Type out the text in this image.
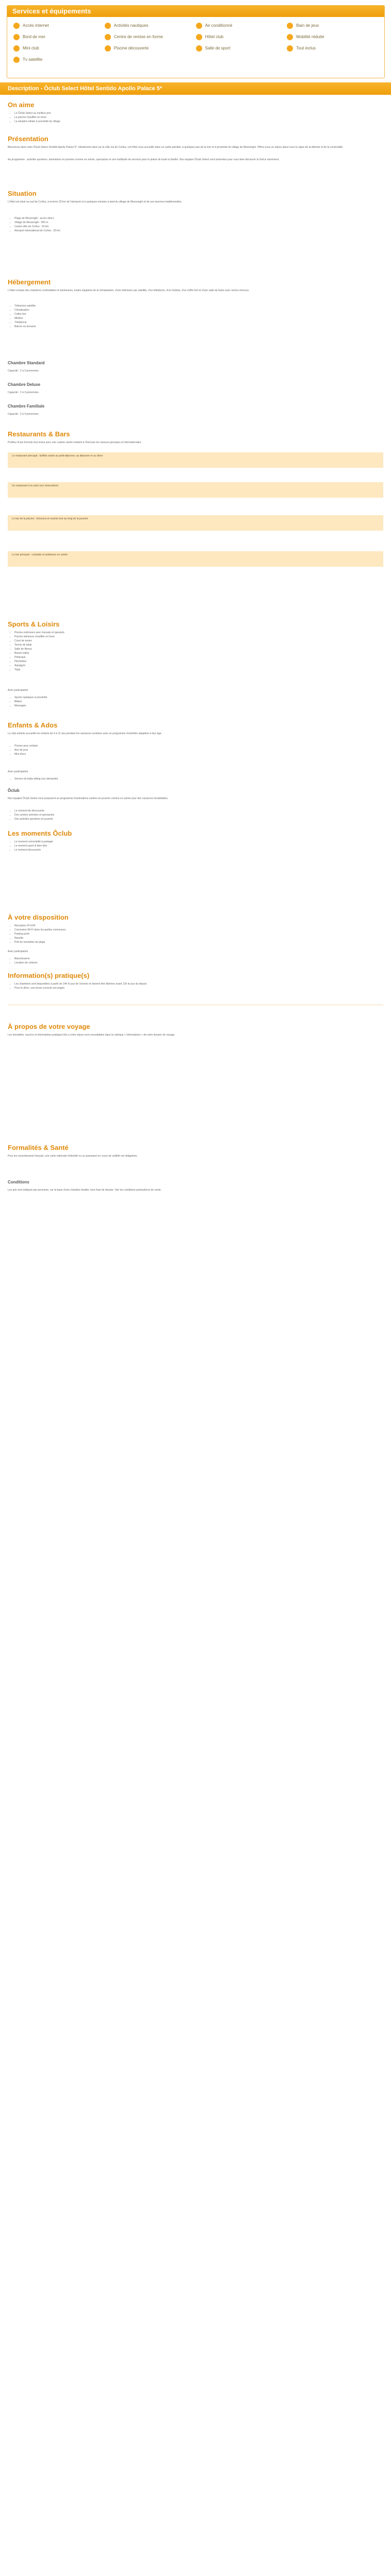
Services et équipements
Accès internet	Activités nautiques	Air conditionné	Bain de jeux
Bord de mer	Centre de remise en forme	Hôtel club	Mobilité réduite
Mini club	Piscine découverte	Salle de sport	Tout inclus
Tv satellite
Description - Ôclub Select Hôtel Sentido Apollo Palace 5*
On aime
• Le Ôclub Select au meilleur prix
• La piscine chauffée en hiver
• La situation idéale à proximité du village
Présentation

Bienvenue dans votre Ôclub Select Sentido Apollo Palace 5*. Idéalement situé sur la côte est de Corfou, cet hôtel vous accueille dans un cadre paisible, à quelques pas de la mer et à proximité du village de Messonghi. Offrez-vous un séjour placé sous le signe de la détente et de la convivialité.

Au programme : activités sportives, animations en journée comme en soirée, spectacles et une multitude de services pour le plaisir de toute la famille. Nos équipes Ôclub Select sont présentes pour vous faire découvrir la Grèce autrement.

Situation

L'hôtel est situé au sud de Corfou, à environ 20 km de l'aéroport et à quelques minutes à pied du village de Messonghi et de ses tavernes traditionnelles.

• Plage de Messonghi : accès direct
• Village de Messonghi : 500 m
• Centre-ville de Corfou : 20 km
• Aéroport international de Corfou : 20 km
Hébergement

L'hôtel compte des chambres confortables et lumineuses, toutes équipées de la climatisation, d'une télévision par satellite, d'un téléphone, d'un minibar, d'un coffre-fort et d'une salle de bains avec sèche-cheveux.

• Télévision satellite
• Climatisation
• Coffre-fort
• Minibar
• Téléphone
• Balcon ou terrasse
Chambre Standard

Capacité : 2 à 3 personnes

Chambre Deluxe

Capacité : 2 à 3 personnes

Chambre Familiale

Capacité : 2 à 4 personnes

Restaurants & Bars

Profitez d'une formule tout inclus avec une cuisine variée mettant à l'honneur les saveurs grecques et internationales.

Le restaurant principal : buffets variés au petit-déjeuner, au déjeuner et au dîner
Un restaurant à la carte (sur réservation)
Le bar de la piscine : boissons et snacks tout au long de la journée
Le bar principal : cocktails et ambiance en soirée
Sports & Loisirs
• Piscine extérieure avec transats et parasols
• Piscine intérieure chauffée en hiver
• Court de tennis
• Tennis de table
• Salle de fitness
• Beach-volley
• Pétanque
• Fléchettes
• Aquagym
• Yoga

Avec participation

• Sports nautiques à proximité
• Billard
• Massages
Enfants & Ados

Le club enfants accueille les enfants de 4 à 12 ans pendant les vacances scolaires avec un programme d'activités adaptées à leur âge.

• Piscine pour enfants
• Aire de jeux
• Mini disco

Avec participation

• Service de baby-sitting (sur demande)
Ôclub

Nos équipes Ôclub Select vous proposent un programme d'animations variées en journée comme en soirée pour des vacances inoubliables.

• Le moment de découverte
• Des soirées animées et spectacles
• Des activités sportives en journée
Les moments Ôclub
• Le moment convivialité à partager
• Le moment sport & bien-être
• Le moment découverte
À votre disposition
• Réception 24 h/24
• Connexion Wi-Fi dans les parties communes
• Parking privé
• Navette
• Prêt de serviettes de plage

Avec participation

• Blanchisserie
• Location de voitures
Information(s) pratique(s)
• Les chambres sont disponibles à partir de 14h le jour de l'arrivée et doivent être libérées avant 12h le jour du départ.
• Pour le dîner, une tenue correcte est exigée.
À propos de votre voyage

Les formalités, vaccins et informations pratiques liés à votre séjour sont consultables dans la rubrique « Informations » de votre dossier de voyage.

Formalités & Santé

Pour les ressortissants français, une carte nationale d'identité ou un passeport en cours de validité est obligatoire.

Conditions

Les prix sont indiqués par personne, sur la base d'une chambre double, hors frais de dossier. Voir les conditions particulières de vente.
